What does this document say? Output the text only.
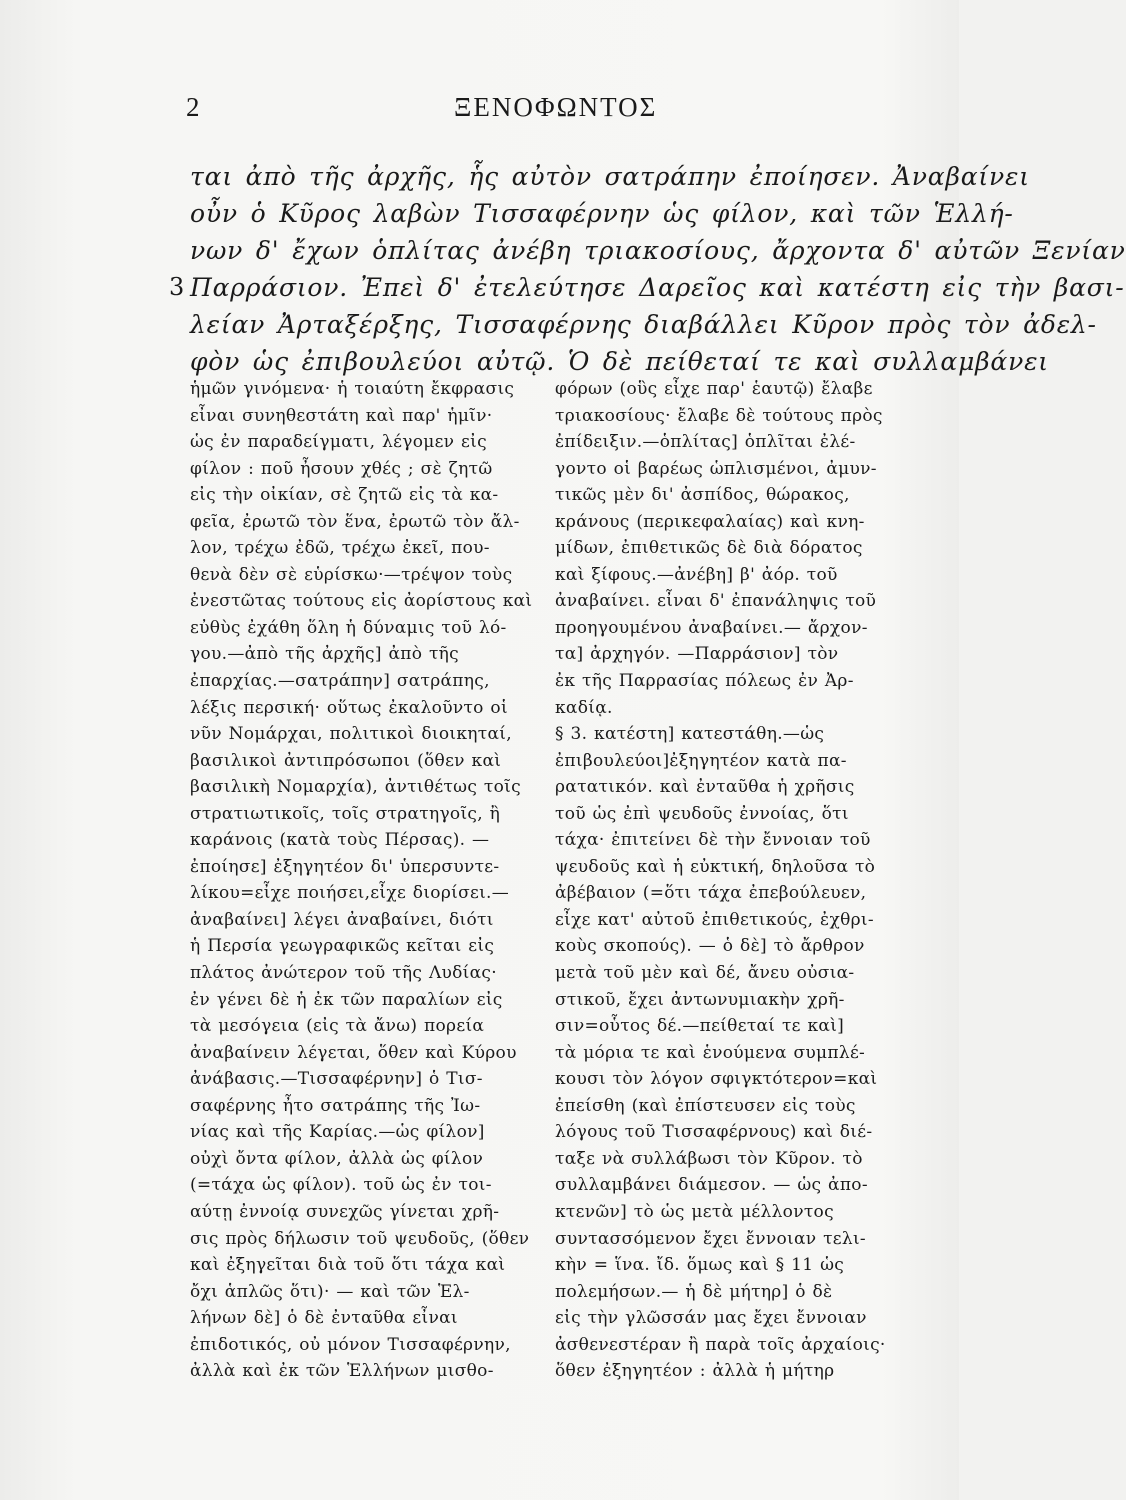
2	ΞΕΝΟΦΩΝΤΟΣ
ται ἀπὸ τῆς ἀρχῆς, ἧς αὐτὸν σατράπην ἐποίησεν. Ἀναβαίνει
οὖν ὁ Κῦρος λαβὼν Τισσαφέρνην ὡς φίλον, καὶ τῶν Ἑλλή-
νων δ' ἔχων ὁπλίτας ἀνέβη τριακοσίους, ἄρχοντα δ' αὐτῶν Ξενίαν
3 Παρράσιον. Ἐπεὶ δ' ἐτελεύτησε Δαρεῖος καὶ κατέστη εἰς τὴν βασι-
λείαν Ἀρταξέρξης, Τισσαφέρνης διαβάλλει Κῦρον πρὸς τὸν ἀδελ-
φὸν ὡς ἐπιβουλεύοι αὐτῷ. Ὁ δὲ πείθεταί τε καὶ συλλαμβάνει
ἡμῶν γινόμενα· ἡ τοιαύτη ἔκφρασις
εἶναι συνηθεστάτη καὶ παρ' ἡμῖν·
ὡς ἐν παραδείγματι, λέγομεν εἰς
φίλον : ποῦ ἦσουν χθές ; σὲ ζητῶ
εἰς τὴν οἰκίαν, σὲ ζητῶ εἰς τὰ κα-
φεῖα, ἐρωτῶ τὸν ἕνα, ἐρωτῶ τὸν ἄλ-
λον, τρέχω ἐδῶ, τρέχω ἐκεῖ, που-
θενὰ δὲν σὲ εὑρίσκω·—τρέψον τοὺς
ἐνεστῶτας τούτους εἰς ἀορίστους καὶ
εὐθὺς ἐχάθη ὅλη ἡ δύναμις τοῦ λό-
γου.—ἀπὸ τῆς ἀρχῆς] ἀπὸ τῆς
ἐπαρχίας.—σατράπην] σατράπης,
λέξις περσική· οὕτως ἐκαλοῦντο οἱ
νῦν Νομάρχαι, πολιτικοὶ διοικηταί,
βασιλικοὶ ἀντιπρόσωποι (ὅθεν καὶ
βασιλικὴ Νομαρχία), ἀντιθέτως τοῖς
στρατιωτικοῖς, τοῖς στρατηγοῖς, ἢ
καράνοις (κατὰ τοὺς Πέρσας). —
ἐποίησε] ἐξηγητέον δι' ὑπερσυντε-
λίκου=εἶχε ποιήσει,εἶχε διορίσει.—
ἀναβαίνει] λέγει ἀναβαίνει, διότι
ἡ Περσία γεωγραφικῶς κεῖται εἰς
πλάτος ἀνώτερον τοῦ τῆς Λυδίας·
ἐν γένει δὲ ἡ ἐκ τῶν παραλίων εἰς
τὰ μεσόγεια (εἰς τὰ ἄνω) πορεία
ἀναβαίνειν λέγεται, ὅθεν καὶ Κύρου
ἀνάβασις.—Τισσαφέρνην] ὁ Τισ-
σαφέρνης ἦτο σατράπης τῆς Ἰω-
νίας καὶ τῆς Καρίας.—ὡς φίλον]
οὐχὶ ὄντα φίλον, ἀλλὰ ὡς φίλον
(=τάχα ὡς φίλον). τοῦ ὡς ἐν τοι-
αύτῃ ἐννοίᾳ συνεχῶς γίνεται χρῆ-
σις πρὸς δήλωσιν τοῦ ψευδοῦς, (ὅθεν
καὶ ἐξηγεῖται διὰ τοῦ ὅτι τάχα καὶ
ὄχι ἁπλῶς ὅτι)· — καὶ τῶν Ἑλ-
λήνων δὲ] ὁ δὲ ἐνταῦθα εἶναι
ἐπιδοτικός, οὐ μόνον Τισσαφέρνην,
ἀλλὰ καὶ ἐκ τῶν Ἑλλήνων μισθο-
φόρων (οὓς εἶχε παρ' ἑαυτῷ) ἔλαβε
τριακοσίους· ἔλαβε δὲ τούτους πρὸς
ἐπίδειξιν.—ὁπλίτας] ὁπλῖται ἐλέ-
γοντο οἱ βαρέως ὡπλισμένοι, ἀμυν-
τικῶς μὲν δι' ἀσπίδος, θώρακος,
κράνους (περικεφαλαίας) καὶ κνη-
μίδων, ἐπιθετικῶς δὲ διὰ δόρατος
καὶ ξίφους.—ἀνέβη] β' ἀόρ. τοῦ
ἀναβαίνει. εἶναι δ' ἐπανάληψις τοῦ
προηγουμένου ἀναβαίνει.— ἄρχον-
τα] ἀρχηγόν. —Παρράσιον] τὸν
ἐκ τῆς Παρρασίας πόλεως ἐν Ἀρ-
καδίᾳ.
§ 3. κατέστη] κατεστάθη.—ὡς
ἐπιβουλεύοι]ἐξηγητέον κατὰ πα-
ρατατικόν. καὶ ἐνταῦθα ἡ χρῆσις
τοῦ ὡς ἐπὶ ψευδοῦς ἐννοίας, ὅτι
τάχα· ἐπιτείνει δὲ τὴν ἔννοιαν τοῦ
ψευδοῦς καὶ ἡ εὐκτική, δηλοῦσα τὸ
ἀβέβαιον (=ὅτι τάχα ἐπεβούλευεν,
εἶχε κατ' αὐτοῦ ἐπιθετικούς, ἐχθρι-
κοὺς σκοπούς). — ὁ δὲ] τὸ ἄρθρον
μετὰ τοῦ μὲν καὶ δέ, ἄνευ οὐσια-
στικοῦ, ἔχει ἀντωνυμιακὴν χρῆ-
σιν=οὗτος δέ.—πείθεταί τε καὶ]
τὰ μόρια τε καὶ ἑνούμενα συμπλέ-
κουσι τὸν λόγον σφιγκτότερον=καὶ
ἐπείσθη (καὶ ἐπίστευσεν εἰς τοὺς
λόγους τοῦ Τισσαφέρνους) καὶ διέ-
ταξε νὰ συλλάβωσι τὸν Κῦρον. τὸ
συλλαμβάνει διάμεσον. — ὡς ἀπο-
κτενῶν] τὸ ὡς μετὰ μέλλοντος
συντασσόμενον ἔχει ἔννοιαν τελι-
κὴν = ἵνα. ἴδ. ὅμως καὶ § 11 ὡς
πολεμήσων.— ἡ δὲ μήτηρ] ὁ δὲ
εἰς τὴν γλῶσσάν μας ἔχει ἔννοιαν
ἀσθενεστέραν ἢ παρὰ τοῖς ἀρχαίοις·
ὅθεν ἐξηγητέον : ἀλλὰ ἡ μήτηρ
